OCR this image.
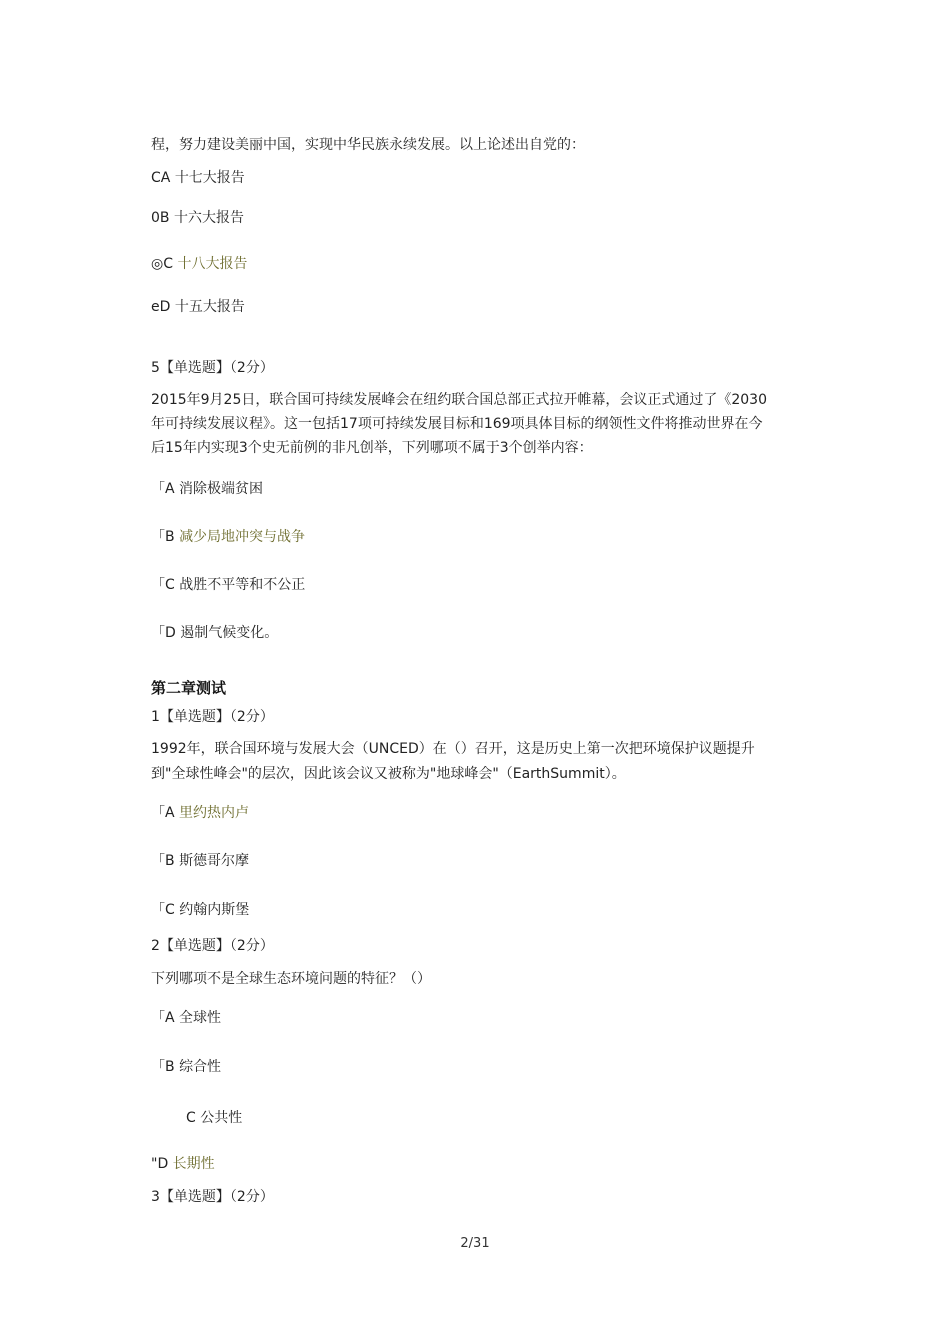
程，努力建设美丽中国，实现中华民族永续发展。以上论述出自党的：
CA 十七大报告
0B 十六大报告
◎C 十八大报告
eD 十五大报告
5【单选题】（2分）
2015年9月25日，联合国可持续发展峰会在纽约联合国总部正式拉开帷幕，会议正式通过了《2030
年可持续发展议程》。这一包括17项可持续发展目标和169项具体目标的纲领性文件将推动世界在今
后15年内实现3个史无前例的非凡创举，下列哪项不属于3个创举内容：
「A 消除极端贫困
「B 减少局地冲突与战争
「C 战胜不平等和不公正
「D 遏制气候变化。
第二章测试
1【单选题】（2分）
1992年，联合国环境与发展大会（UNCED）在（）召开，这是历史上第一次把环境保护议题提升
到"全球性峰会"的层次，因此该会议又被称为"地球峰会"（EarthSummit）。
「A 里约热内卢
「B 斯德哥尔摩
「C 约翰内斯堡
2【单选题】（2分）
下列哪项不是全球生态环境问题的特征？（）
「A 全球性
「B 综合性
C 公共性
"D 长期性
3【单选题】（2分）
2/31
